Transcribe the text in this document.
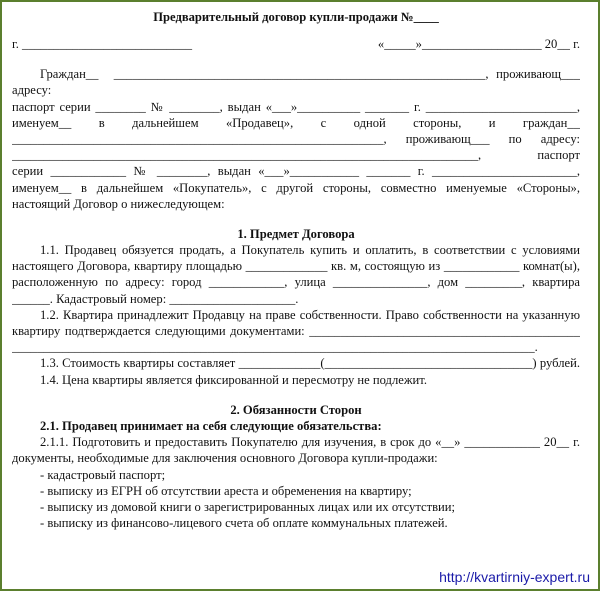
Предварительный договор купли-продажи №____
г. ___________________________	«_____»___________________ 20__ г.
Граждан__  ___________________________________________________________, проживающ___
адресу:
паспорт серии ________ № ________, выдан «___»__________ _______ г. ________________________,
именуем__ в дальнейшем «Продавец», с одной стороны, и граждан__
___________________________________________________________, проживающ___ по адресу:
__________________________________________________________________________, паспорт
серии ____________ № ________, выдан «___»___________ _______ г. _______________________,
именуем__ в дальнейшем «Покупатель», с другой стороны, совместно именуемые «Стороны»,
настоящий Договор о нижеследующем:
1. Предмет Договора
1.1. Продавец обязуется продать, а Покупатель купить и оплатить, в соответствии с условиями
настоящего Договора, квартиру площадью _____________ кв. м, состоящую из ____________ комнат(ы),
расположенную по адресу: город ____________, улица _______________, дом _________, квартира
______. Кадастровый номер: ____________________.
1.2. Квартира принадлежит Продавцу на праве собственности. Право собственности на указанную
квартиру подтверждается следующими документами: ___________________________________________
___________________________________________________________________________________.
1.3. Стоимость квартиры составляет _____________(_________________________________) рублей.
1.4. Цена квартиры является фиксированной и пересмотру не подлежит.
2. Обязанности Сторон
2.1. Продавец принимает на себя следующие обязательства:
2.1.1. Подготовить и предоставить Покупателю для изучения, в срок до «__» ____________ 20__ г.
документы, необходимые для заключения основного Договора купли-продажи:
- кадастровый паспорт;
- выписку из ЕГРН об отсутствии ареста и обременения на квартиру;
- выписку из домовой книги о зарегистрированных лицах или их отсутствии;
- выписку из финансово-лицевого счета об оплате коммунальных платежей.
http://kvartirniy-expert.ru
